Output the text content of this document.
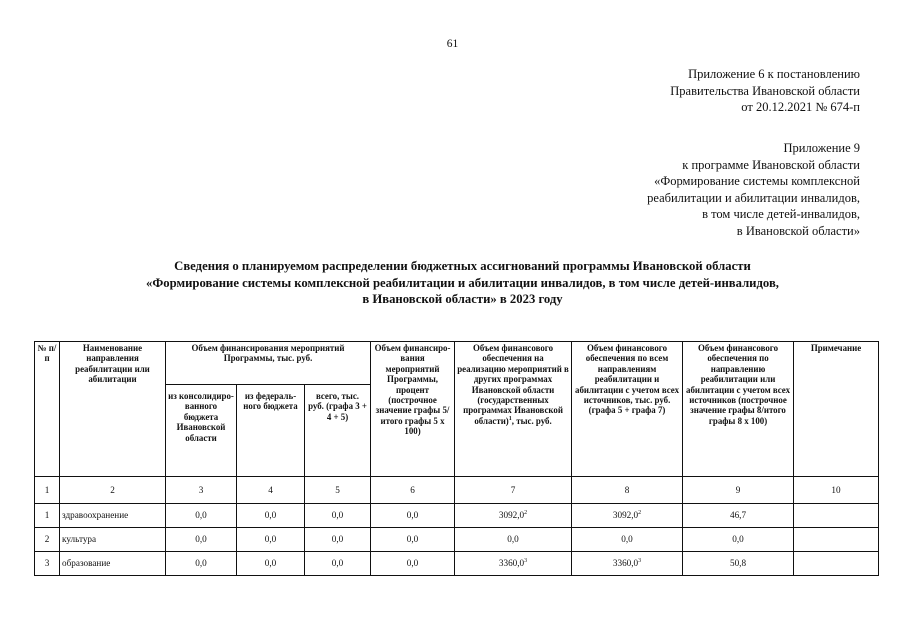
61
Приложение 6 к постановлению
Правительства Ивановской области
от 20.12.2021 № 674-п
Приложение 9
к программе Ивановской области
«Формирование системы комплексной
реабилитации и абилитации инвалидов,
в том числе детей-инвалидов,
в Ивановской области»
Сведения о планируемом распределении бюджетных ассигнований программы Ивановской области
«Формирование системы комплексной реабилитации и абилитации инвалидов, в том числе детей-инвалидов,
в Ивановской области» в 2023 году
№ п/п	Наименование направления реабилитации или абилитации	Объем финансирования мероприятий Программы, тыс. руб.			Объем финансиро-вания мероприятий Программы, процент (построчное значение графы 5/итого графы 5 x 100)	Объем финансового обеспечения на реализацию мероприятий в других программах Ивановской области (государственных программах Ивановской области)$^1$, тыс. руб.	Объем финансового обеспечения по всем направлениям реабилитации и абилитации с учетом всех источников, тыс. руб. (графа 5 + графа 7)	Объем финансового обеспечения по направлению реабилитации или абилитации с учетом всех источников (построчное значение графы 8/итого графы 8 x 100)	Примечание
		из консолидиро-ванного бюджета Ивановской области	из федераль-ного бюджета	всего, тыс. руб. (графа 3 + 4 + 5)					
1	2	3	4	5	6	7	8	9	10
1	здравоохранение	0,0	0,0	0,0	0,0	3092,0$^2$	3092,0$^2$	46,7	
2	культура	0,0	0,0	0,0	0,0	0,0	0,0	0,0	
3	образование	0,0	0,0	0,0	0,0	3360,0$^3$	3360,0$^3$	50,8	
